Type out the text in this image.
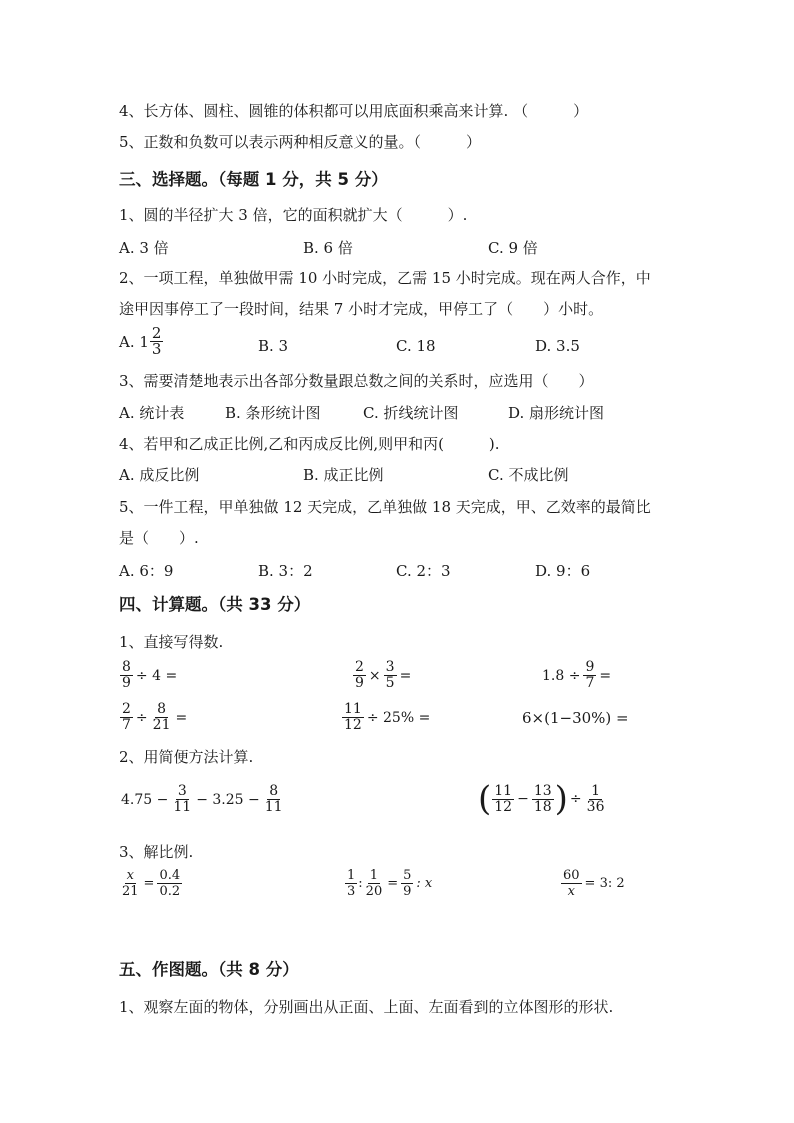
4、长方体、圆柱、圆锥的体积都可以用底面积乘高来计算. （　　　）
5、正数和负数可以表示两种相反意义的量。（　　　）
三、选择题。（每题 1 分，共 5 分）
1、圆的半径扩大 3 倍，它的面积就扩大（　　　）.
A. 3 倍	B. 6 倍	C. 9 倍
2、一项工程，单独做甲需 10 小时完成，乙需 15 小时完成。现在两人合作，中
途甲因事停工了一段时间，结果 7 小时才完成，甲停工了（　　）小时。
A. $1 \frac{2}{3}$	B. 3	C. 18	D. 3.5
3、需要清楚地表示出各部分数量跟总数之间的关系时，应选用（　　）
A. 统计表	B. 条形统计图	C. 折线统计图	D. 扇形统计图
4、若甲和乙成正比例,乙和丙成反比例,则甲和丙(　　　).
A. 成反比例	B. 成正比例	C. 不成比例
5、一件工程，甲单独做 12 天完成，乙单独做 18 天完成，甲、乙效率的最简比
是（　　）.
A. 6：9	B. 3：2	C. 2：3	D. 9：6
四、计算题。（共 33 分）
1、直接写得数.
$\frac{8}{9} \div 4$ =	$\frac{2}{9} \times \frac{3}{5}$ =	$1.8 \div \frac{9}{7}$ =
$\frac{2}{7} \div \frac{8}{21}$ =	$\frac{11}{12} \div 25\%$ =	6×(1−30%) =
2、用简便方法计算.
$4.75 - \frac{3}{11} - 3.25 - \frac{8}{11}$	( $\frac{11}{12} - \frac{13}{18}$ ) ÷ $\frac{1}{36}$
3、解比例.
$\frac{x}{21} = \frac{0.4}{0.2}$	$\frac{1}{3}$ : $\frac{1}{20} = \frac{5}{9}$ : x	$\frac{60}{x} = 3$: 2
五、作图题。（共 8 分）
1、观察左面的物体，分别画出从正面、上面、左面看到的立体图形的形状.
